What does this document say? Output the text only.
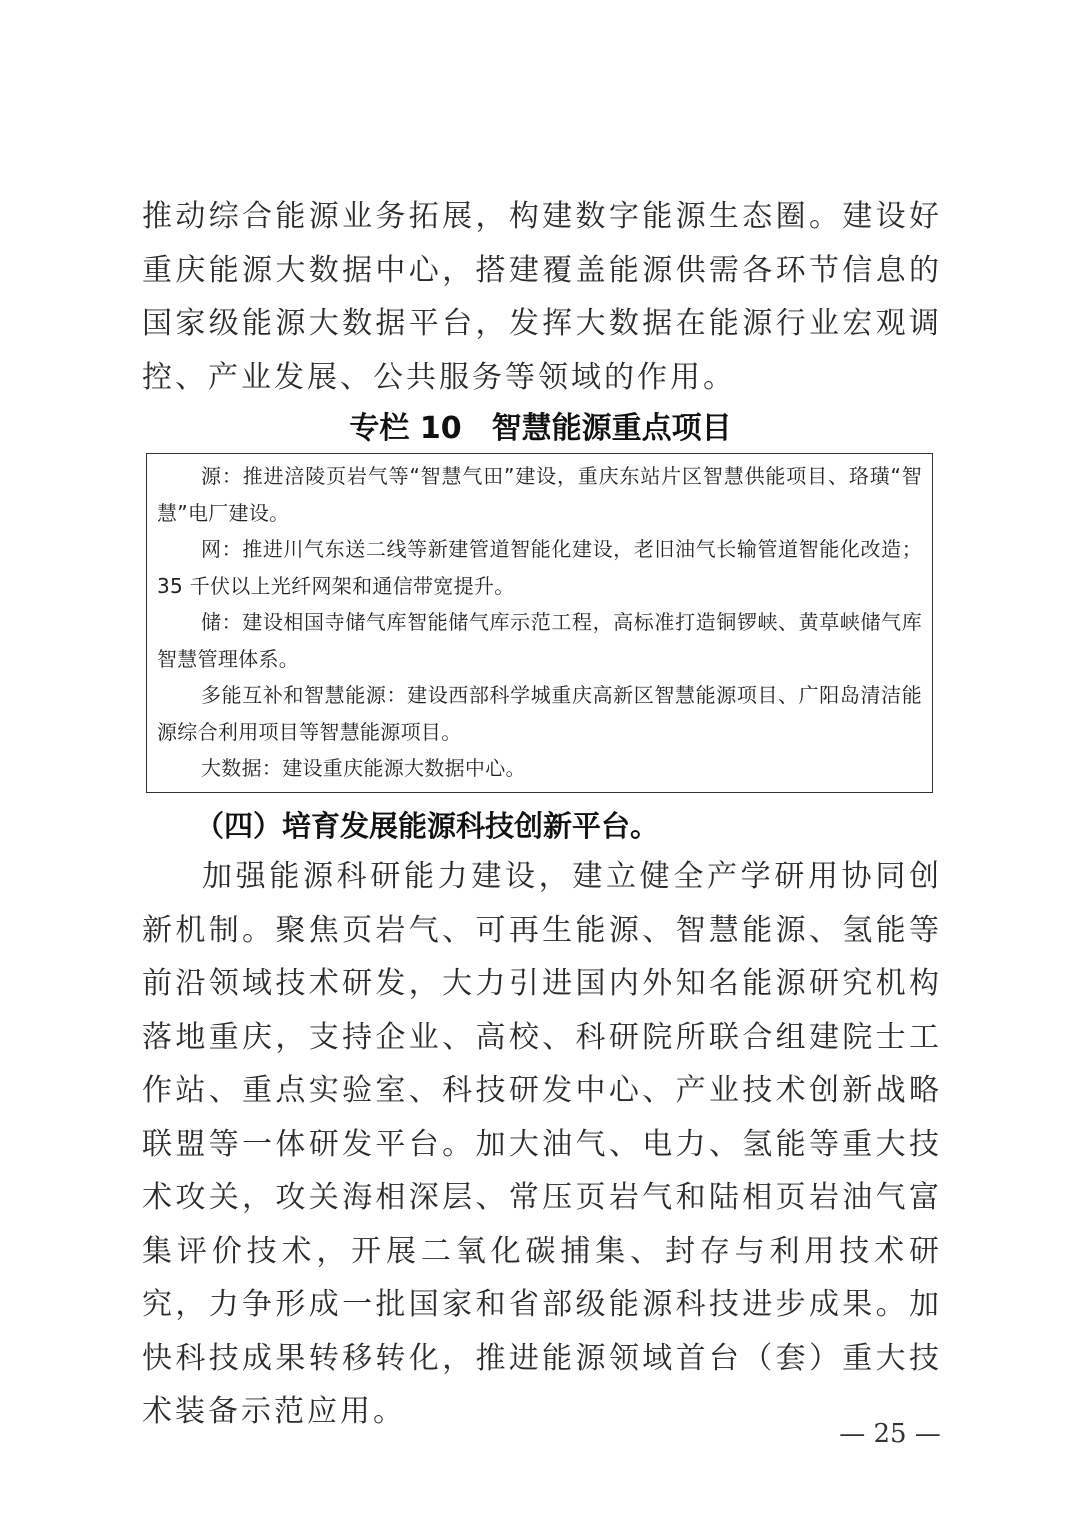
推动综合能源业务拓展，构建数字能源生态圈。建设好重庆能源大数据中心，搭建覆盖能源供需各环节信息的国家级能源大数据平台，发挥大数据在能源行业宏观调控、产业发展、公共服务等领域的作用。

专栏 10　智慧能源重点项目

源：推进涪陵页岩气等“智慧气田”建设，重庆东站片区智慧供能项目、珞璜“智慧”电厂建设。

网：推进川气东送二线等新建管道智能化建设，老旧油气长输管道智能化改造；35 千伏以上光纤网架和通信带宽提升。

储：建设相国寺储气库智能储气库示范工程，高标准打造铜锣峡、黄草峡储气库智慧管理体系。

多能互补和智慧能源：建设西部科学城重庆高新区智慧能源项目、广阳岛清洁能源综合利用项目等智慧能源项目。

大数据：建设重庆能源大数据中心。

（四）培育发展能源科技创新平台。

加强能源科研能力建设，建立健全产学研用协同创新机制。聚焦页岩气、可再生能源、智慧能源、氢能等前沿领域技术研发，大力引进国内外知名能源研究机构落地重庆，支持企业、高校、科研院所联合组建院士工作站、重点实验室、科技研发中心、产业技术创新战略联盟等一体研发平台。加大油气、电力、氢能等重大技术攻关，攻关海相深层、常压页岩气和陆相页岩油气富集评价技术，开展二氧化碳捕集、封存与利用技术研究，力争形成一批国家和省部级能源科技进步成果。加快科技成果转移转化，推进能源领域首台（套）重大技术装备示范应用。

— 25 —
